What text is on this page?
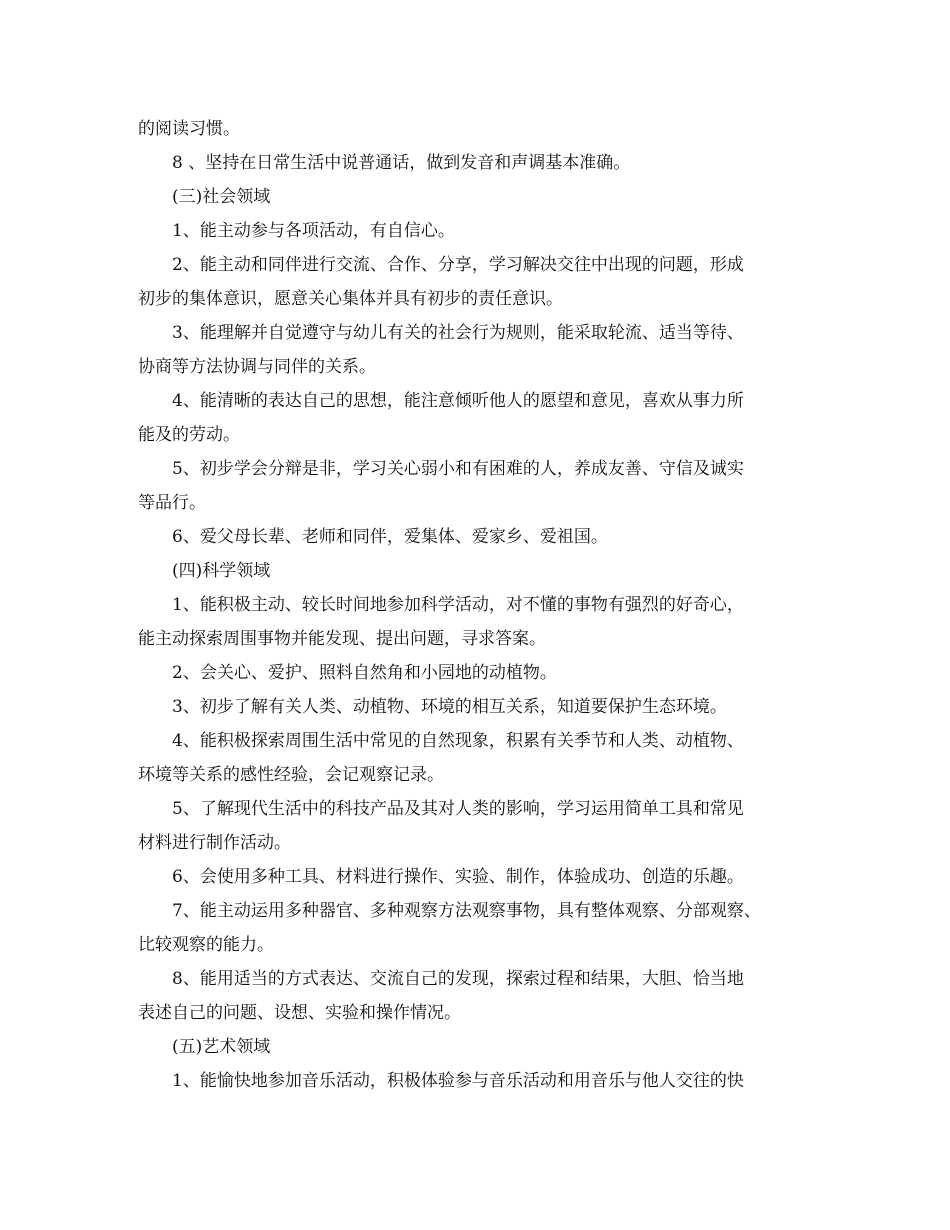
的阅读习惯。

8 、坚持在日常生活中说普通话，做到发音和声调基本准确。

(三)社会领域

1、能主动参与各项活动，有自信心。

2、能主动和同伴进行交流、合作、分享，学习解决交往中出现的问题，形成

初步的集体意识，愿意关心集体并具有初步的责任意识。

3、能理解并自觉遵守与幼儿有关的社会行为规则，能采取轮流、适当等待、

协商等方法协调与同伴的关系。

4、能清晰的表达自己的思想，能注意倾听他人的愿望和意见，喜欢从事力所

能及的劳动。

5、初步学会分辩是非，学习关心弱小和有困难的人，养成友善、守信及诚实

等品行。

6、爱父母长辈、老师和同伴，爱集体、爱家乡、爱祖国。

(四)科学领域

1、能积极主动、较长时间地参加科学活动，对不懂的事物有强烈的好奇心，

能主动探索周围事物并能发现、提出问题，寻求答案。

2、会关心、爱护、照料自然角和小园地的动植物。

3、初步了解有关人类、动植物、环境的相互关系，知道要保护生态环境。

4、能积极探索周围生活中常见的自然现象，积累有关季节和人类、动植物、

环境等关系的感性经验，会记观察记录。

5、了解现代生活中的科技产品及其对人类的影响，学习运用简单工具和常见

材料进行制作活动。

6、会使用多种工具、材料进行操作、实验、制作，体验成功、创造的乐趣。

7、能主动运用多种器官、多种观察方法观察事物，具有整体观察、分部观察、

比较观察的能力。

8、能用适当的方式表达、交流自己的发现，探索过程和结果，大胆、恰当地

表述自己的问题、设想、实验和操作情况。

(五)艺术领域

1、能愉快地参加音乐活动，积极体验参与音乐活动和用音乐与他人交往的快
